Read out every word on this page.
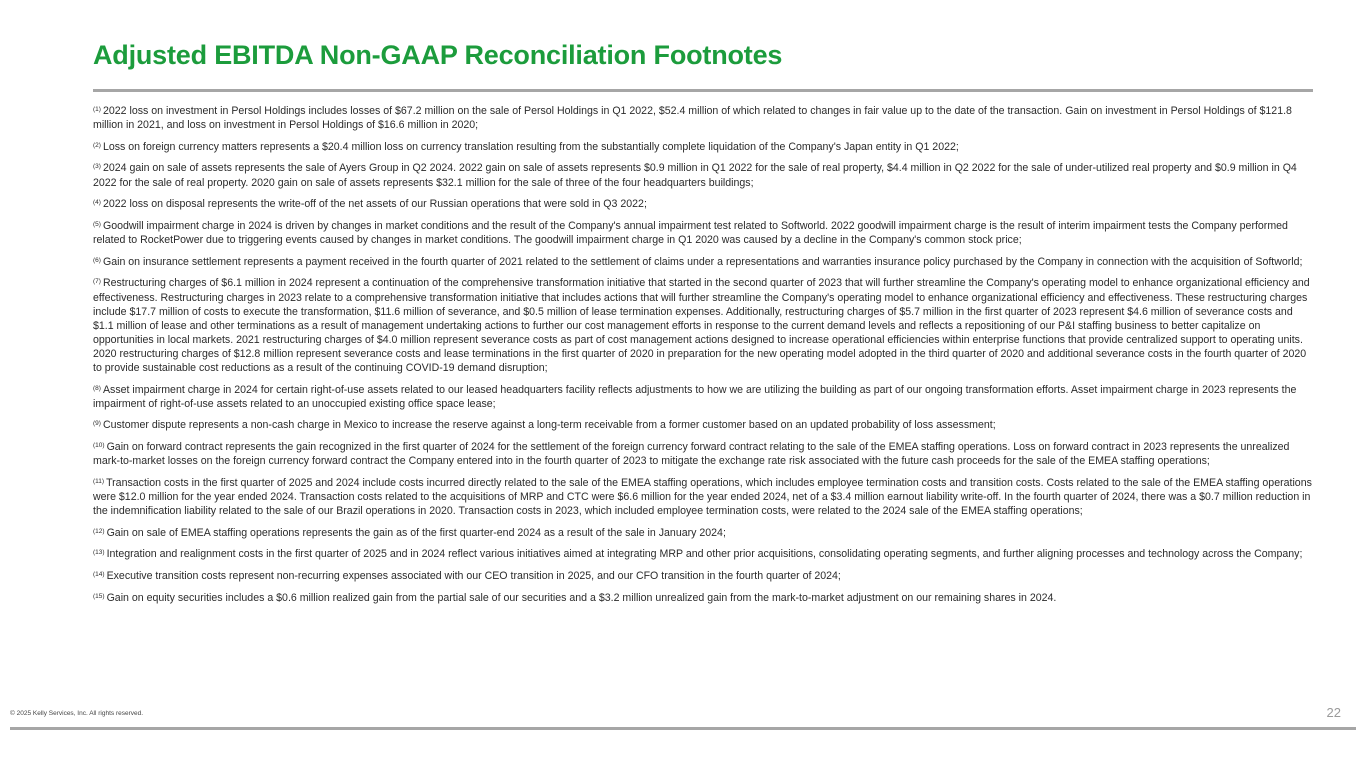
Adjusted EBITDA Non-GAAP Reconciliation Footnotes

$^{(1)}$ 2022 loss on investment in Persol Holdings includes losses of $67.2 million on the sale of Persol Holdings in Q1 2022, $52.4 million of which related to changes in fair value up to the date of the transaction. Gain on investment in Persol Holdings of $121.8 million in 2021, and loss on investment in Persol Holdings of $16.6 million in 2020;

$^{(2)}$ Loss on foreign currency matters represents a $20.4 million loss on currency translation resulting from the substantially complete liquidation of the Company's Japan entity in Q1 2022;

$^{(3)}$ 2024 gain on sale of assets represents the sale of Ayers Group in Q2 2024. 2022 gain on sale of assets represents $0.9 million in Q1 2022 for the sale of real property, $4.4 million in Q2 2022 for the sale of under-utilized real property and $0.9 million in Q4 2022 for the sale of real property. 2020 gain on sale of assets represents $32.1 million for the sale of three of the four headquarters buildings;

$^{(4)}$ 2022 loss on disposal represents the write-off of the net assets of our Russian operations that were sold in Q3 2022;

$^{(5)}$ Goodwill impairment charge in 2024 is driven by changes in market conditions and the result of the Company's annual impairment test related to Softworld. 2022 goodwill impairment charge is the result of interim impairment tests the Company performed related to RocketPower due to triggering events caused by changes in market conditions. The goodwill impairment charge in Q1 2020 was caused by a decline in the Company's common stock price;

$^{(6)}$ Gain on insurance settlement represents a payment received in the fourth quarter of 2021 related to the settlement of claims under a representations and warranties insurance policy purchased by the Company in connection with the acquisition of Softworld;

$^{(7)}$ Restructuring charges of $6.1 million in 2024 represent a continuation of the comprehensive transformation initiative that started in the second quarter of 2023 that will further streamline the Company's operating model to enhance organizational efficiency and effectiveness. Restructuring charges in 2023 relate to a comprehensive transformation initiative that includes actions that will further streamline the Company's operating model to enhance organizational efficiency and effectiveness. These restructuring charges include $17.7 million of costs to execute the transformation, $11.6 million of severance, and $0.5 million of lease termination expenses. Additionally, restructuring charges of $5.7 million in the first quarter of 2023 represent $4.6 million of severance costs and $1.1 million of lease and other terminations as a result of management undertaking actions to further our cost management efforts in response to the current demand levels and reflects a repositioning of our P&I staffing business to better capitalize on opportunities in local markets. 2021 restructuring charges of $4.0 million represent severance costs as part of cost management actions designed to increase operational efficiencies within enterprise functions that provide centralized support to operating units. 2020 restructuring charges of $12.8 million represent severance costs and lease terminations in the first quarter of 2020 in preparation for the new operating model adopted in the third quarter of 2020 and additional severance costs in the fourth quarter of 2020 to provide sustainable cost reductions as a result of the continuing COVID-19 demand disruption;

$^{(8)}$ Asset impairment charge in 2024 for certain right-of-use assets related to our leased headquarters facility reflects adjustments to how we are utilizing the building as part of our ongoing transformation efforts. Asset impairment charge in 2023 represents the impairment of right-of-use assets related to an unoccupied existing office space lease;

$^{(9)}$ Customer dispute represents a non-cash charge in Mexico to increase the reserve against a long-term receivable from a former customer based on an updated probability of loss assessment;

$^{(10)}$ Gain on forward contract represents the gain recognized in the first quarter of 2024 for the settlement of the foreign currency forward contract relating to the sale of the EMEA staffing operations. Loss on forward contract in 2023 represents the unrealized mark-to-market losses on the foreign currency forward contract the Company entered into in the fourth quarter of 2023 to mitigate the exchange rate risk associated with the future cash proceeds for the sale of the EMEA staffing operations;

$^{(11)}$ Transaction costs in the first quarter of 2025 and 2024 include costs incurred directly related to the sale of the EMEA staffing operations, which includes employee termination costs and transition costs. Costs related to the sale of the EMEA staffing operations were $12.0 million for the year ended 2024. Transaction costs related to the acquisitions of MRP and CTC were $6.6 million for the year ended 2024, net of a $3.4 million earnout liability write-off. In the fourth quarter of 2024, there was a $0.7 million reduction in the indemnification liability related to the sale of our Brazil operations in 2020. Transaction costs in 2023, which included employee termination costs, were related to the 2024 sale of the EMEA staffing operations;

$^{(12)}$ Gain on sale of EMEA staffing operations represents the gain as of the first quarter-end 2024 as a result of the sale in January 2024;

$^{(13)}$ Integration and realignment costs in the first quarter of 2025 and in 2024 reflect various initiatives aimed at integrating MRP and other prior acquisitions, consolidating operating segments, and further aligning processes and technology across the Company;

$^{(14)}$ Executive transition costs represent non-recurring expenses associated with our CEO transition in 2025, and our CFO transition in the fourth quarter of 2024;

$^{(15)}$ Gain on equity securities includes a $0.6 million realized gain from the partial sale of our securities and a $3.2 million unrealized gain from the mark-to-market adjustment on our remaining shares in 2024.

© 2025 Kelly Services, Inc. All rights reserved.	22
